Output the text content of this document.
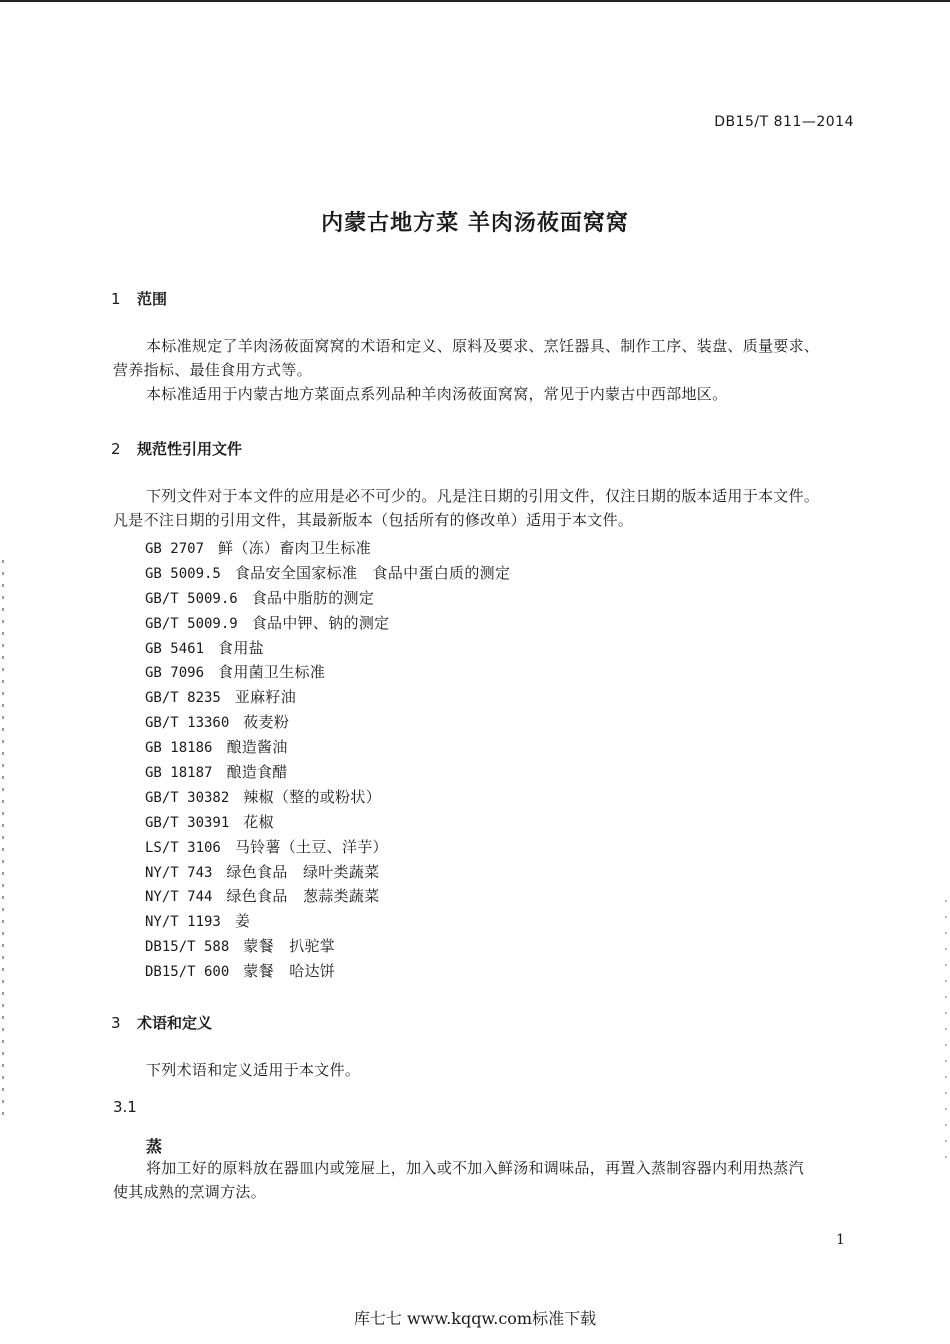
DB15/T 811—2014
内蒙古地方菜 羊肉汤莜面窝窝
1 范围
本标准规定了羊肉汤莜面窝窝的术语和定义、原料及要求、烹饪器具、制作工序、装盘、质量要求、
营养指标、最佳食用方式等。
本标准适用于内蒙古地方菜面点系列品种羊肉汤莜面窝窝，常见于内蒙古中西部地区。
2 规范性引用文件
下列文件对于本文件的应用是必不可少的。凡是注日期的引用文件，仅注日期的版本适用于本文件。
凡是不注日期的引用文件，其最新版本（包括所有的修改单）适用于本文件。
GB 2707 鲜（冻）畜肉卫生标准
GB 5009.5 食品安全国家标准　食品中蛋白质的测定
GB/T 5009.6 食品中脂肪的测定
GB/T 5009.9 食品中钾、钠的测定
GB 5461 食用盐
GB 7096 食用菌卫生标准
GB/T 8235 亚麻籽油
GB/T 13360 莜麦粉
GB 18186 酿造酱油
GB 18187 酿造食醋
GB/T 30382 辣椒（整的或粉状）
GB/T 30391 花椒
LS/T 3106 马铃薯（土豆、洋芋）
NY/T 743 绿色食品　绿叶类蔬菜
NY/T 744 绿色食品　葱蒜类蔬菜
NY/T 1193 姜
DB15/T 588 蒙餐　扒驼掌
DB15/T 600 蒙餐　哈达饼
3 术语和定义
下列术语和定义适用于本文件。
3.1
蒸
将加工好的原料放在器皿内或笼屉上，加入或不加入鲜汤和调味品，再置入蒸制容器内利用热蒸汽
使其成熟的烹调方法。
1
库七七 www.kqqw.com标准下载
